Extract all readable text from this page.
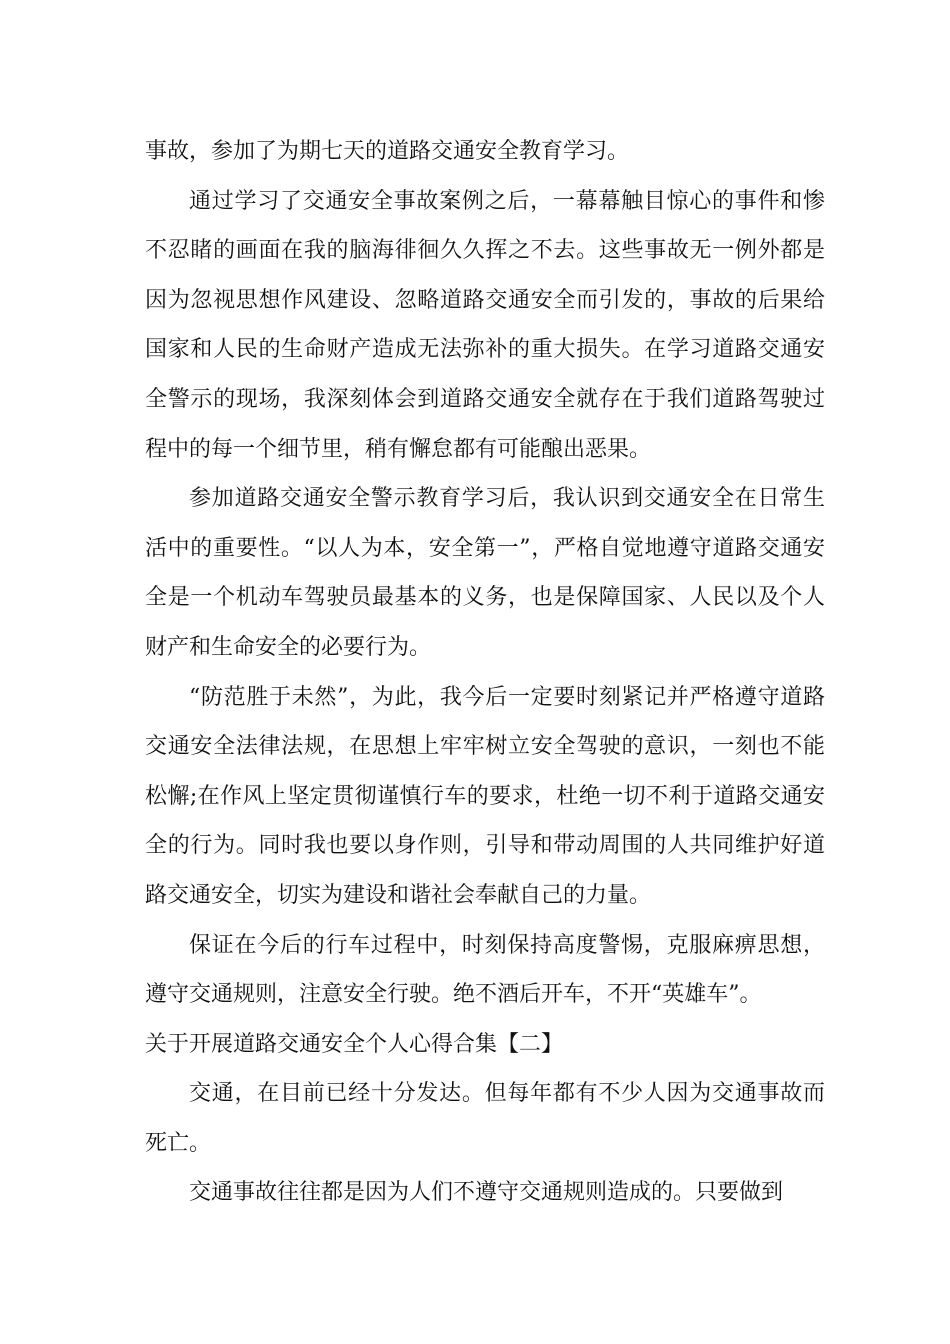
事故，参加了为期七天的道路交通安全教育学习。

通过学习了交通安全事故案例之后，一幕幕触目惊心的事件和惨不忍睹的画面在我的脑海徘徊久久挥之不去。这些事故无一例外都是因为忽视思想作风建设、忽略道路交通安全而引发的，事故的后果给国家和人民的生命财产造成无法弥补的重大损失。在学习道路交通安全警示的现场，我深刻体会到道路交通安全就存在于我们道路驾驶过程中的每一个细节里，稍有懈怠都有可能酿出恶果。

参加道路交通安全警示教育学习后，我认识到交通安全在日常生活中的重要性。“以人为本，安全第一”，严格自觉地遵守道路交通安全是一个机动车驾驶员最基本的义务，也是保障国家、人民以及个人财产和生命安全的必要行为。

“防范胜于未然”，为此，我今后一定要时刻紧记并严格遵守道路交通安全法律法规，在思想上牢牢树立安全驾驶的意识，一刻也不能松懈;在作风上坚定贯彻谨慎行车的要求，杜绝一切不利于道路交通安全的行为。同时我也要以身作则，引导和带动周围的人共同维护好道路交通安全，切实为建设和谐社会奉献自己的力量。

保证在今后的行车过程中，时刻保持高度警惕，克服麻痹思想，遵守交通规则，注意安全行驶。绝不酒后开车，不开“英雄车”。

关于开展道路交通安全个人心得合集【二】

交通，在目前已经十分发达。但每年都有不少人因为交通事故而死亡。

交通事故往往都是因为人们不遵守交通规则造成的。只要做到
